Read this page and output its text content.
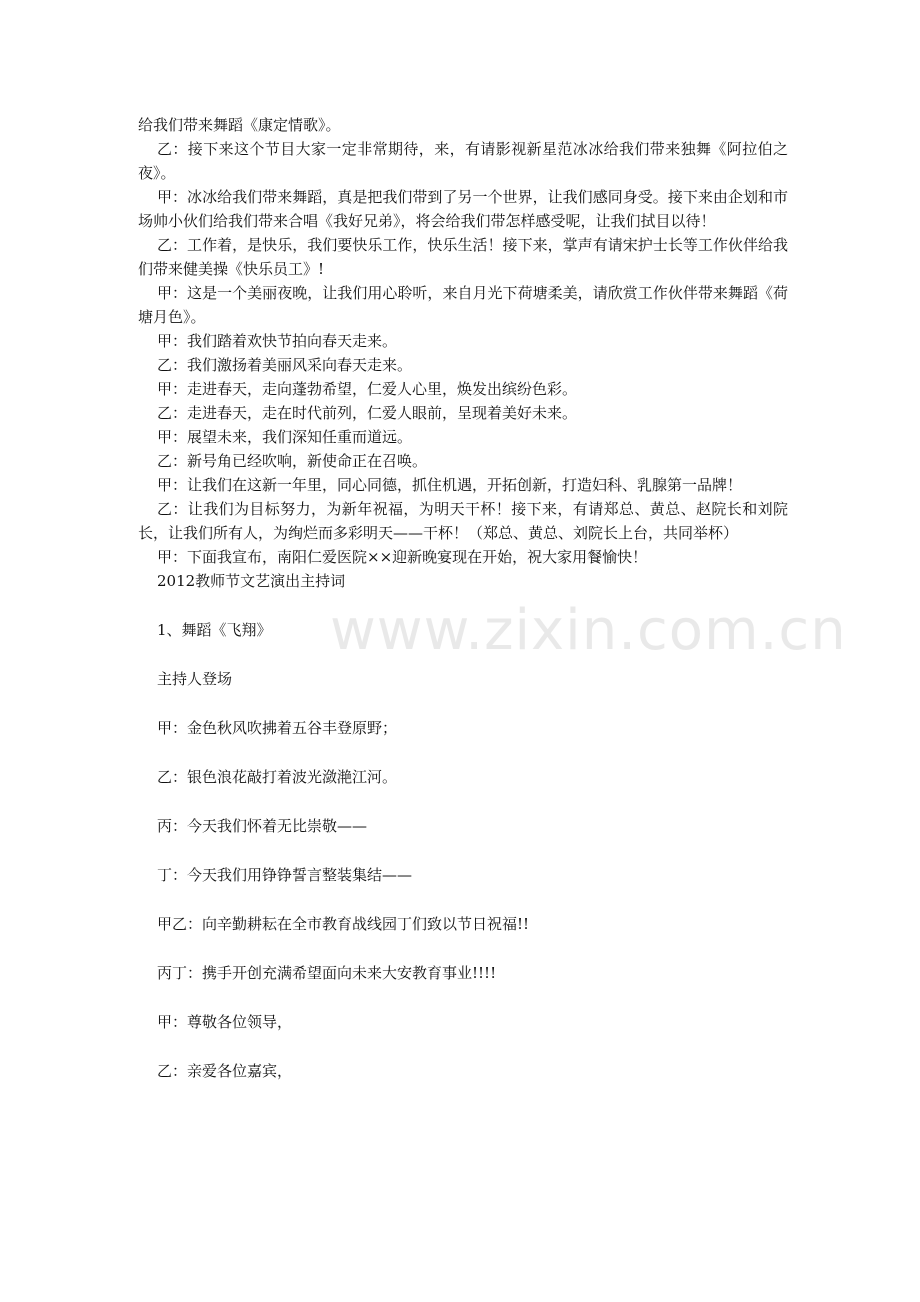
给我们带来舞蹈《康定情歌》。

乙：接下来这个节目大家一定非常期待，来，有请影视新星范冰冰给我们带来独舞《阿拉伯之夜》。

甲：冰冰给我们带来舞蹈，真是把我们带到了另一个世界，让我们感同身受。接下来由企划和市场帅小伙们给我们带来合唱《我好兄弟》，将会给我们带怎样感受呢，让我们拭目以待！

乙：工作着，是快乐，我们要快乐工作，快乐生活！接下来，掌声有请宋护士长等工作伙伴给我们带来健美操《快乐员工》!

甲：这是一个美丽夜晚，让我们用心聆听，来自月光下荷塘柔美，请欣赏工作伙伴带来舞蹈《荷塘月色》。

甲：我们踏着欢快节拍向春天走来。

乙：我们激扬着美丽风采向春天走来。

甲：走进春天，走向蓬勃希望，仁爱人心里，焕发出缤纷色彩。

乙：走进春天，走在时代前列，仁爱人眼前，呈现着美好未来。

甲：展望未来，我们深知任重而道远。

乙：新号角已经吹响，新使命正在召唤。

甲：让我们在这新一年里，同心同德，抓住机遇，开拓创新，打造妇科、乳腺第一品牌！

乙：让我们为目标努力，为新年祝福，为明天干杯！接下来，有请郑总、黄总、赵院长和刘院长，让我们所有人，为绚烂而多彩明天——干杯！（郑总、黄总、刘院长上台，共同举杯）

甲：下面我宣布，南阳仁爱医院××迎新晚宴现在开始，祝大家用餐愉快！

2012教师节文艺演出主持词

1、舞蹈《飞翔》

主持人登场

甲：金色秋风吹拂着五谷丰登原野；

乙：银色浪花敲打着波光潋滟江河。

丙：今天我们怀着无比崇敬——

丁：今天我们用铮铮誓言整装集结——

甲乙：向辛勤耕耘在全市教育战线园丁们致以节日祝福!!

丙丁：携手开创充满希望面向未来大安教育事业!!!!

甲：尊敬各位领导，

乙：亲爱各位嘉宾，

www.zixin.com.cn
